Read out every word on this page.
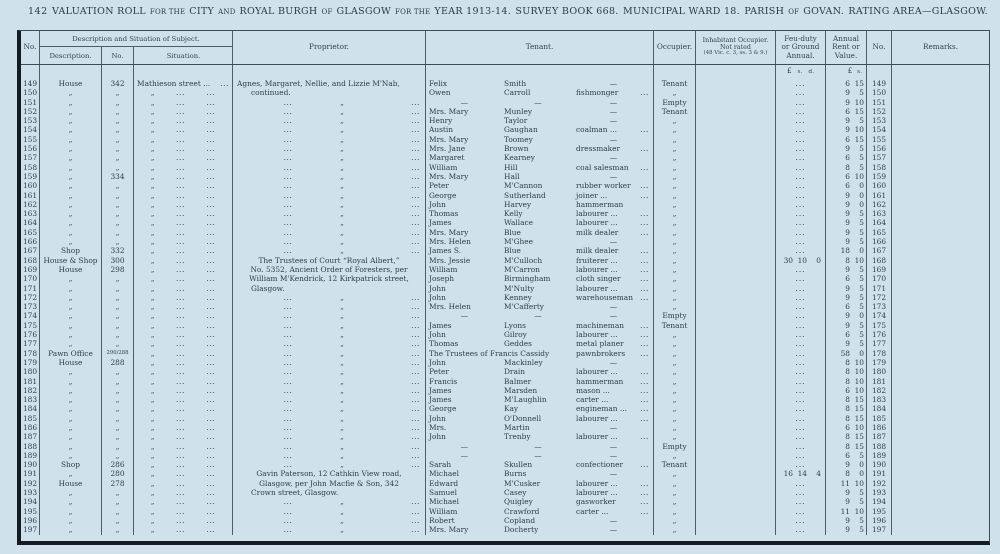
142 VALUATION ROLL FOR THE CITY AND ROYAL BURGH OF GLASGOW FOR THE YEAR 1913-14. SURVEY BOOK 668. MUNICIPAL WARD 18. PARISH OF GOVAN. RATING AREA—GLASGOW.
No.
Description and Situation of Subject.
Description.	No.	Situation.
Proprietor.	Tenant.	Occupier.
Inhabitant Occupier.
Not rated
(48 Vic. c. 3, ss. 3 & 9.)
Feu-duty
or Ground
Annual.
Annual
Rent or
Value.
No.	Remarks.
£ s. d.	£ s.
149	House	342	Mathieson street ... ...	Agnes, Margaret, Nellie, and Lizzie M'Nab,	Felix	Smith	—	Tenant	...	6 15	149
150	„	„	„	...	...	continued.	Owen	Carroll	fishmonger	...	„	...	9	5	150
151	„	„	„	...	...	...	„	...	—	—	—	Empty	...	9 10	151
152	„	„	„	...	...	...	„	...	Mrs. Mary	Munley	—	Tenant	...	6 15	152
153	„	„	„	...	...	...	„	...	Henry	Taylor	—	„	...	9	5	153
154	„	„	„	...	...	...	„	...	Austin	Gaughan	coalman ...	...	„	...	9 10	154
155	„	„	„	...	...	...	„	...	Mrs. Mary	Toomey	—	„	...	6 15	155
156	„	„	„	...	...	...	„	...	Mrs. Jane	Brown	dressmaker	...	„	...	9	5	156
157	„	„	„	...	...	...	„	...	Margaret	Kearney	—	„	...	6	5	157
158	„	„	„	...	...	...	„	...	William	Hill	coal salesman ...	„	...	8	5	158
159	„	334	„	...	...	...	„	...	Mrs. Mary	Hall	—	„	...	6 10	159
160	„	„	„	...	...	...	„	...	Peter	M'Cannon	rubber worker ...	„	...	6	0	160
161	„	„	„	...	...	...	„	...	George	Sutherland	joiner ...	...	„	...	9	0	161
162	„	„	„	...	...	...	„	...	John	Harvey	hammerman	„	...	9	0	162
163	„	„	„	...	...	...	„	...	Thomas	Kelly	labourer ...	...	„	...	9	5	163
164	„	„	„	...	...	...	„	...	James	Wallace	labourer ...	...	„	...	9	5	164
165	„	„	„	...	...	...	„	...	Mrs. Mary	Blue	milk dealer	...	„	...	9	5	165
166	„	„	„	...	...	...	„	...	Mrs. Helen	M'Ghee	—	„	...	9	5	166
167	Shop	332	„	...	...	...	„	...	James S.	Blue	milk dealer	...	„	...	18	0	167
168 House & Shop	300	„	...	...	The Trustees of Court “Royal Albert,”	Mrs. Jessie	M'Culloch	fruiterer ...	...	„	30 10	0	8 10	168
169	House	298	„	...	...	No. 5352, Ancient Order of Foresters, per	William	M'Carron	labourer ...	...	„	...	9	5	169
170	„	„	„	...	...	William M'Kendrick, 12 Kirkpatrick street,	Joseph	Birmingham	cloth singer	...	„	...	6	5	170
171	„	„	„	...	...	Glasgow.	John	M'Nulty	labourer ...	...	„	...	9	5	171
172	„	„	„	...	...	...	„	...	John	Kenney	warehouseman ...	„	...	9	5	172
173	„	„	„	...	...	...	„	...	Mrs. Helen	M'Cafferty	—	„	...	6	5	173
174	„	„	„	...	...	...	„	...	—	—	—	Empty	...	9	0	174
175	„	„	„	...	...	...	„	...	James	Lyons	machineman ...	Tenant	...	9	5	175
176	„	„	„	...	...	...	„	...	John	Gilroy	labourer ...	...	„	...	6	5	176
177	„	„	„	...	...	...	„	...	Thomas	Geddes	metal planer ...	„	...	9	5	177
178	Pawn Office	290/288	„	...	...	...	„	...	The Trustees of Francis Cassidy	pawnbrokers ...	„	...	58	0	178
179	House	288	„	...	...	...	„	...	John	Mackinley	—	„	...	8 10	179
180	„	„	„	...	...	...	„	...	Peter	Drain	labourer ...	...	„	...	8 10	180
181	„	„	„	...	...	...	„	...	Francis	Balmer	hammerman ...	„	...	8 10	181
182	„	„	„	...	...	...	„	...	James	Marsden	mason ...	...	„	...	6 10	182
183	„	„	„	...	...	...	„	...	James	M'Laughlin	carter ...	...	„	...	8 15	183
184	„	„	„	...	...	...	„	...	George	Kay	engineman ... ...	„	...	8 15	184
185	„	„	„	...	...	...	„	...	John	O'Donnell	labourer ...	...	„	...	8 15	185
186	„	„	„	...	...	...	„	...	Mrs.	Martin	—	„	...	6 10	186
187	„	„	„	...	...	...	„	...	John	Trenby	labourer ...	...	„	...	8 15	187
188	„	„	„	...	...	...	„	...	—	—	—	Empty	...	8 15	188
189	„	„	„	...	...	...	„	...	—	—	—	„	...	6	5	189
190	Shop	286	„	...	...	...	„	...	Sarah	Skullen	confectioner ...	Tenant	...	9	0	190
191	„	280	„	...	...	Gavin Paterson, 12 Cathkin View road,	Michael	Burns	—	„	16 14	4	8	0	191
192	House	278	„	...	...	Glasgow, per John Macfie & Son, 342	Edward	M'Cusker	labourer ...	...	„	...	11 10	192
193	„	„	„	...	...	Crown street, Glasgow.	Samuel	Casey	labourer ...	...	„	...	9	5	193
194	„	„	„	...	...	...	„	...	Michael	Quigley	gasworker	...	„	...	9	5	194
195	„	„	„	...	...	...	„	...	William	Crawford	carter ...	...	„	...	11 10	195
196	„	„	„	...	...	...	„	...	Robert	Copland	—	„	...	9	5	196
197	„	„	„	...	...	...	„	...	Mrs. Mary	Docherty	—	„	...	9	5	197
